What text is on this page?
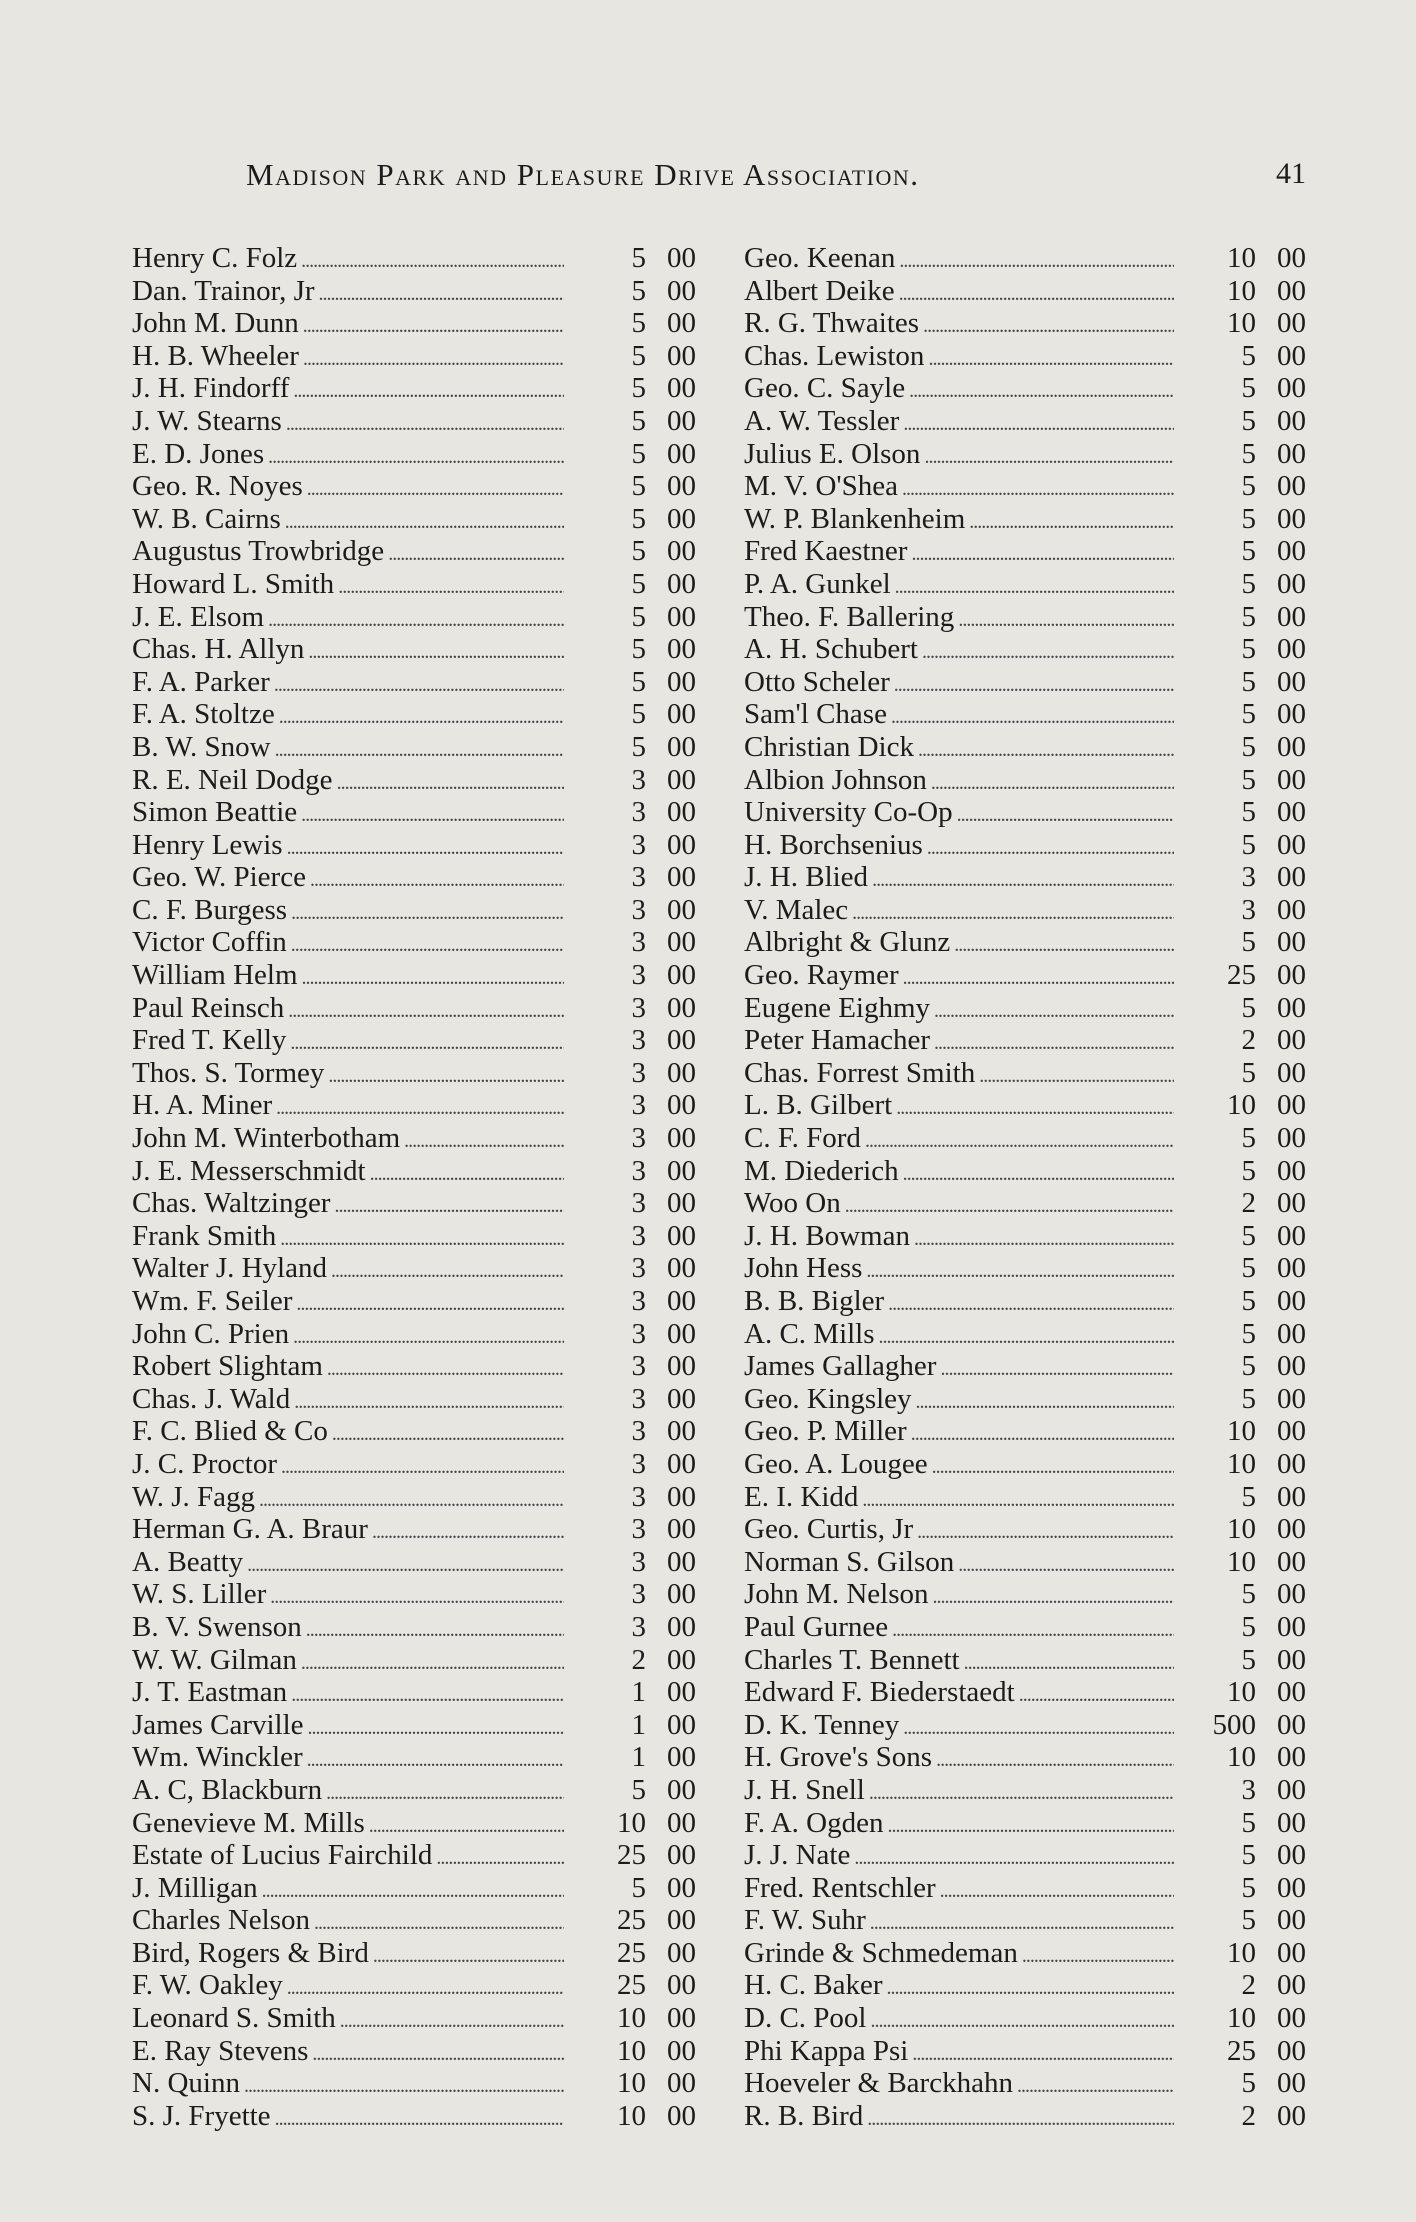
Madison Park and Pleasure Drive Association.	41
Henry C. Folz . . .	5 00
Dan. Trainor, Jr . . .	5 00
John M. Dunn . . .	5 00
H. B. Wheeler . . .	5 00
J. H. Findorff . . .	5 00
J. W. Stearns . . .	5 00
E. D. Jones . . .	5 00
Geo. R. Noyes . . .	5 00
W. B. Cairns . . .	5 00
Augustus Trowbridge . . .	5 00
Howard L. Smith . . .	5 00
J. E. Elsom . . .	5 00
Chas. H. Allyn . . .	5 00
F. A. Parker . . .	5 00
F. A. Stoltze . . .	5 00
B. W. Snow . . .	5 00
R. E. Neil Dodge . . .	3 00
Simon Beattie . . .	3 00
Henry Lewis . . .	3 00
Geo. W. Pierce . . .	3 00
C. F. Burgess . . .	3 00
Victor Coffin . . .	3 00
William Helm . . .	3 00
Paul Reinsch . . .	3 00
Fred T. Kelly . . .	3 00
Thos. S. Tormey . . .	3 00
H. A. Miner . . .	3 00
John M. Winterbotham . . .	3 00
J. E. Messerschmidt . . .	3 00
Chas. Waltzinger . . .	3 00
Frank Smith . . .	3 00
Walter J. Hyland . . .	3 00
Wm. F. Seiler . . .	3 00
John C. Prien . . .	3 00
Robert Slightam . . .	3 00
Chas. J. Wald . . .	3 00
F. C. Blied & Co . . .	3 00
J. C. Proctor . . .	3 00
W. J. Fagg . . .	3 00
Herman G. A. Braur . . .	3 00
A. Beatty . . .	3 00
W. S. Liller . . .	3 00
B. V. Swenson . . .	3 00
W. W. Gilman . . .	2 00
J. T. Eastman . . .	1 00
James Carville . . .	1 00
Wm. Winckler . . .	1 00
A. C, Blackburn . . .	5 00
Genevieve M. Mills . . .	10 00
Estate of Lucius Fairchild . . .	25 00
J. Milligan . . .	5 00
Charles Nelson . . .	25 00
Bird, Rogers & Bird . . .	25 00
F. W. Oakley . . .	25 00
Leonard S. Smith . . .	10 00
E. Ray Stevens . . .	10 00
N. Quinn . . .	10 00
S. J. Fryette . . .	10 00
Geo. Keenan . . .	10 00
Albert Deike . . .	10 00
R. G. Thwaites . . .	10 00
Chas. Lewiston . . .	5 00
Geo. C. Sayle . . .	5 00
A. W. Tessler . . .	5 00
Julius E. Olson . . .	5 00
M. V. O'Shea . . .	5 00
W. P. Blankenheim . . .	5 00
Fred Kaestner . . .	5 00
P. A. Gunkel . . .	5 00
Theo. F. Ballering . . .	5 00
A. H. Schubert . . .	5 00
Otto Scheler . . .	5 00
Sam'l Chase . . .	5 00
Christian Dick . . .	5 00
Albion Johnson . . .	5 00
University Co-Op . . .	5 00
H. Borchsenius . . .	5 00
J. H. Blied . . .	3 00
V. Malec . . .	3 00
Albright & Glunz . . .	5 00
Geo. Raymer . . .	25 00
Eugene Eighmy . . .	5 00
Peter Hamacher . . .	2 00
Chas. Forrest Smith . . .	5 00
L. B. Gilbert . . .	10 00
C. F. Ford . . .	5 00
M. Diederich . . .	5 00
Woo On . . .	2 00
J. H. Bowman . . .	5 00
John Hess . . .	5 00
B. B. Bigler . . .	5 00
A. C. Mills . . .	5 00
James Gallagher . . .	5 00
Geo. Kingsley . . .	5 00
Geo. P. Miller . . .	10 00
Geo. A. Lougee . . .	10 00
E. I. Kidd . . .	5 00
Geo. Curtis, Jr . . .	10 00
Norman S. Gilson . . .	10 00
John M. Nelson . . .	5 00
Paul Gurnee . . .	5 00
Charles T. Bennett . . .	5 00
Edward F. Biederstaedt . . .	10 00
D. K. Tenney . . .	500 00
H. Grove's Sons . . .	10 00
J. H. Snell . . .	3 00
F. A. Ogden . . .	5 00
J. J. Nate . . .	5 00
Fred. Rentschler . . .	5 00
F. W. Suhr . . .	5 00
Grinde & Schmedeman . . .	10 00
H. C. Baker . . .	2 00
D. C. Pool . . .	10 00
Phi Kappa Psi . . .	25 00
Hoeveler & Barckhahn . . .	5 00
R. B. Bird . . .	2 00
